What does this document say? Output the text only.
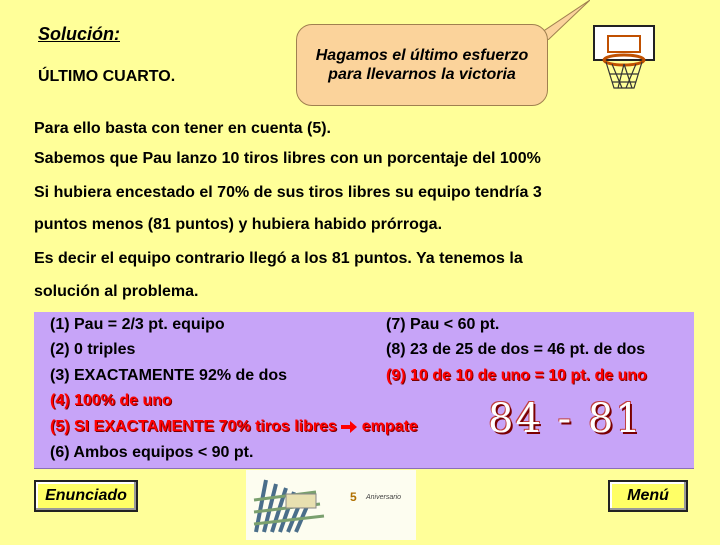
Solución:
ÚLTIMO CUARTO.
Hagamos el último esfuerzo para llevarnos la victoria
Para ello basta con tener en cuenta (5).
Sabemos que Pau lanzo 10 tiros libres con un porcentaje del 100%
Si hubiera encestado el 70% de sus tiros libres su equipo tendría 3
puntos menos (81 puntos) y hubiera habido prórroga.
Es decir el equipo contrario llegó a los 81 puntos. Ya tenemos la
solución al problema.
(1) Pau = 2/3 pt. equipo
(2) 0 triples
(3) EXACTAMENTE 92% de dos
(4) 100% de uno
(5) SI EXACTAMENTE 70% tiros libres empate
(6) Ambos equipos < 90 pt.
(7) Pau < 60 pt.
(8) 23 de 25 de dos = 46 pt. de dos
(9) 10 de 10 de uno = 10 pt. de uno
84 - 81
Enunciado	5 Aniversario	Menú
